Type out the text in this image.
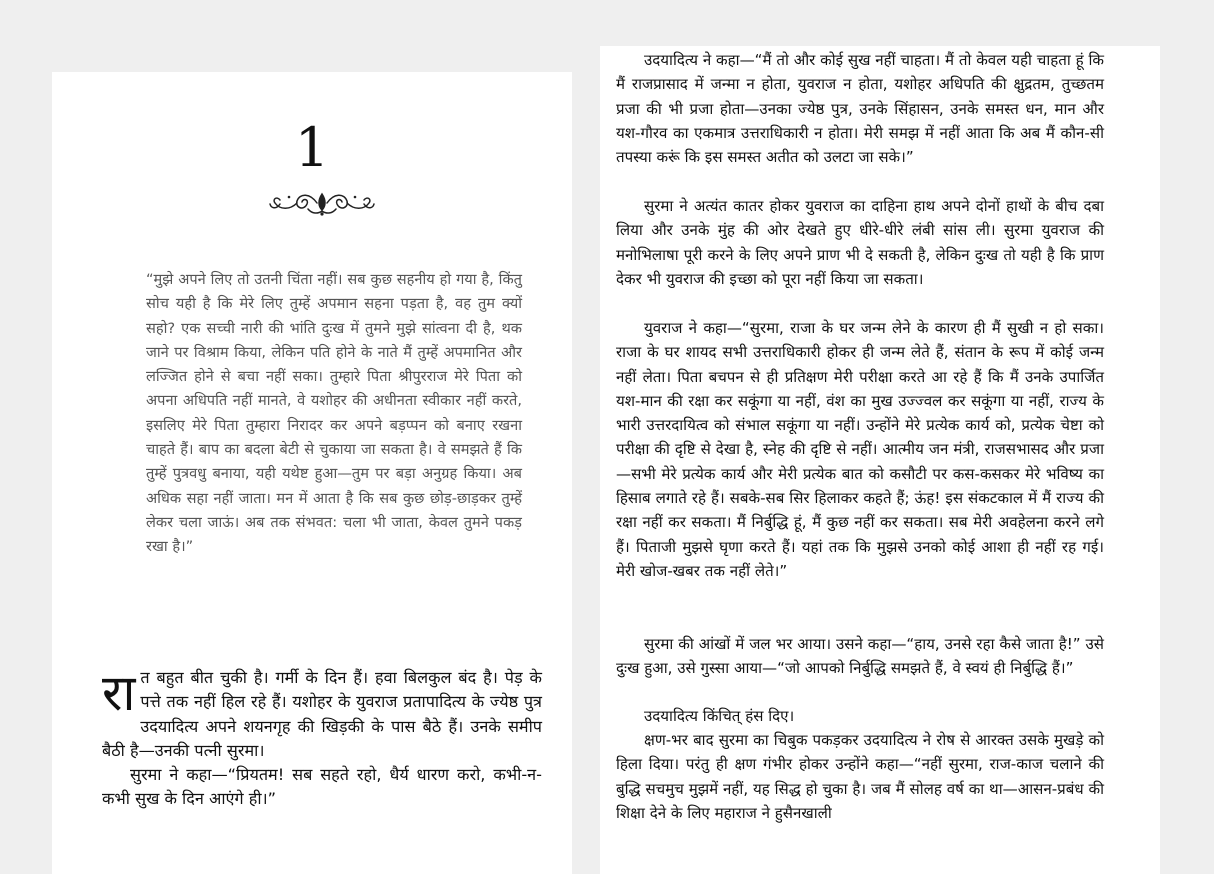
1

“मुझे अपने लिए तो उतनी चिंता नहीं। सब कुछ सहनीय हो गया है, किंतु सोच यही है कि मेरे लिए तुम्हें अपमान सहना पड़ता है, वह तुम क्यों सहो? एक सच्ची नारी की भांति दुःख में तुमने मुझे सांत्वना दी है, थक जाने पर विश्राम किया, लेकिन पति होने के नाते मैं तुम्हें अपमानित और लज्जित होने से बचा नहीं सका। तुम्हारे पिता श्रीपुरराज मेरे पिता को अपना अधिपति नहीं मानते, वे यशोहर की अधीनता स्वीकार नहीं करते, इसलिए मेरे पिता तुम्हारा निरादर कर अपने बड़प्पन को बनाए रखना चाहते हैं। बाप का बदला बेटी से चुकाया जा सकता है। वे समझते हैं कि तुम्हें पुत्रवधु बनाया, यही यथेष्ट हुआ—तुम पर बड़ा अनुग्रह किया। अब अधिक सहा नहीं जाता। मन में आता है कि सब कुछ छोड़-छाड़कर तुम्हें लेकर चला जाऊं। अब तक संभवत: चला भी जाता, केवल तुमने पकड़ रखा है।”

रात बहुत बीत चुकी है। गर्मी के दिन हैं। हवा बिलकुल बंद है। पेड़ के पत्ते तक नहीं हिल रहे हैं। यशोहर के युवराज प्रतापादित्य के ज्येष्ठ पुत्र उदयादित्य अपने शयनगृह की खिड़की के पास बैठे हैं। उनके समीप बैठी है—उनकी पत्नी सुरमा।

सुरमा ने कहा—“प्रियतम! सब सहते रहो, धैर्य धारण करो, कभी-न-कभी सुख के दिन आएंगे ही।”

उदयादित्य ने कहा—“मैं तो और कोई सुख नहीं चाहता। मैं तो केवल यही चाहता हूं कि मैं राजप्रासाद में जन्मा न होता, युवराज न होता, यशोहर अधिपति की क्षुद्रतम, तुच्छतम प्रजा की भी प्रजा होता—उनका ज्येष्ठ पुत्र, उनके सिंहासन, उनके समस्त धन, मान और यश-गौरव का एकमात्र उत्तराधिकारी न होता। मेरी समझ में नहीं आता कि अब मैं कौन-सी तपस्या करूं कि इस समस्त अतीत को उलटा जा सके।”

सुरमा ने अत्यंत कातर होकर युवराज का दाहिना हाथ अपने दोनों हाथों के बीच दबा लिया और उनके मुंह की ओर देखते हुए धीरे-धीरे लंबी सांस ली। सुरमा युवराज की मनोभिलाषा पूरी करने के लिए अपने प्राण भी दे सकती है, लेकिन दुःख तो यही है कि प्राण देकर भी युवराज की इच्छा को पूरा नहीं किया जा सकता।

युवराज ने कहा—“सुरमा, राजा के घर जन्म लेने के कारण ही मैं सुखी न हो सका। राजा के घर शायद सभी उत्तराधिकारी होकर ही जन्म लेते हैं, संतान के रूप में कोई जन्म नहीं लेता। पिता बचपन से ही प्रतिक्षण मेरी परीक्षा करते आ रहे हैं कि मैं उनके उपार्जित यश-मान की रक्षा कर सकूंगा या नहीं, वंश का मुख उज्ज्वल कर सकूंगा या नहीं, राज्य के भारी उत्तरदायित्व को संभाल सकूंगा या नहीं। उन्होंने मेरे प्रत्येक कार्य को, प्रत्येक चेष्टा को परीक्षा की दृष्टि से देखा है, स्नेह की दृष्टि से नहीं। आत्मीय जन मंत्री, राजसभासद और प्रजा—सभी मेरे प्रत्येक कार्य और मेरी प्रत्येक बात को कसौटी पर कस-कसकर मेरे भविष्य का हिसाब लगाते रहे हैं। सबके-सब सिर हिलाकर कहते हैं; ऊंह! इस संकटकाल में मैं राज्य की रक्षा नहीं कर सकता। मैं निर्बुद्धि हूं, मैं कुछ नहीं कर सकता। सब मेरी अवहेलना करने लगे हैं। पिताजी मुझसे घृणा करते हैं। यहां तक कि मुझसे उनको कोई आशा ही नहीं रह गई। मेरी खोज-खबर तक नहीं लेते।”

सुरमा की आंखों में जल भर आया। उसने कहा—“हाय, उनसे रहा कैसे जाता है!” उसे दुःख हुआ, उसे गुस्सा आया—“जो आपको निर्बुद्धि समझते हैं, वे स्वयं ही निर्बुद्धि हैं।”

उदयादित्य किंचित् हंस दिए।

क्षण-भर बाद सुरमा का चिबुक पकड़कर उदयादित्य ने रोष से आरक्त उसके मुखड़े को हिला दिया। परंतु ही क्षण गंभीर होकर उन्होंने कहा—“नहीं सुरमा, राज-काज चलाने की बुद्धि सचमुच मुझमें नहीं, यह सिद्ध हो चुका है। जब मैं सोलह वर्ष का था—आसन-प्रबंध की शिक्षा देने के लिए महाराज ने हुसैनखाली
